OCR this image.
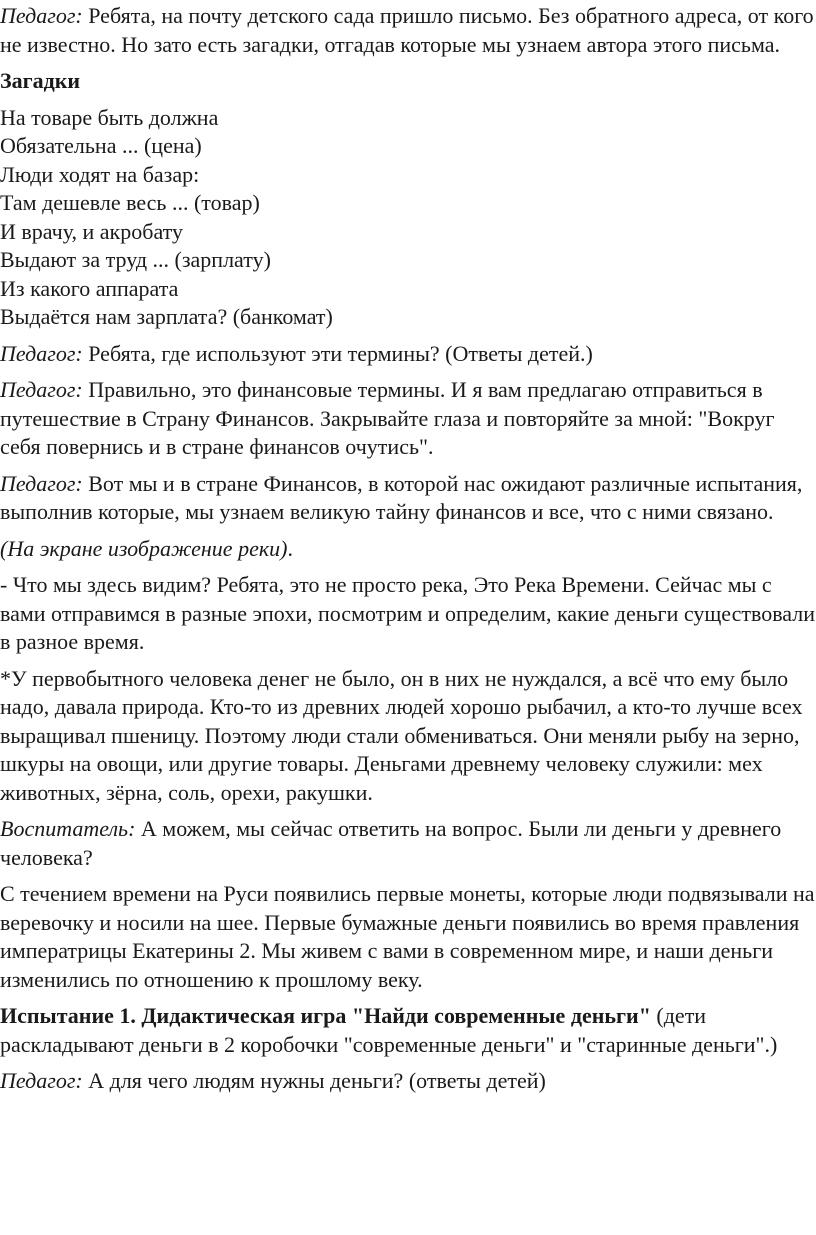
Педагог: Ребята, на почту детского сада пришло письмо. Без обратного адреса, от кого не известно. Но зато есть загадки, отгадав которые мы узнаем автора этого письма.

Загадки

На товаре быть должна
Обязательна ... (цена)
Люди ходят на базар:
Там дешевле весь ... (товар)
И врачу, и акробату
Выдают за труд ... (зарплату)
Из какого аппарата
Выдаётся нам зарплата? (банкомат)

Педагог: Ребята, где используют эти термины? (Ответы детей.)

Педагог: Правильно, это финансовые термины. И я вам предлагаю отправиться в путешествие в Страну Финансов. Закрывайте глаза и повторяйте за мной: "Вокруг себя повернись и в стране финансов очутись".

Педагог: Вот мы и в стране Финансов, в которой нас ожидают различные испытания, выполнив которые, мы узнаем великую тайну финансов и все, что с ними связано.

(На экране изображение реки).

- Что мы здесь видим? Ребята, это не просто река, Это Река Времени. Сейчас мы с вами отправимся в разные эпохи, посмотрим и определим, какие деньги существовали в разное время.

*У первобытного человека денег не было, он в них не нуждался, а всё что ему было надо, давала природа. Кто-то из древних людей хорошо рыбачил, а кто-то лучше всех выращивал пшеницу. Поэтому люди стали обмениваться. Они меняли рыбу на зерно, шкуры на овощи, или другие товары. Деньгами древнему человеку служили: мех животных, зёрна, соль, орехи, ракушки.

Воспитатель: А можем, мы сейчас ответить на вопрос. Были ли деньги у древнего человека?

С течением времени на Руси появились первые монеты, которые люди подвязывали на веревочку и носили на шее. Первые бумажные деньги появились во время правления императрицы Екатерины 2. Мы живем с вами в современном мире, и наши деньги изменились по отношению к прошлому веку.

Испытание 1. Дидактическая игра "Найди современные деньги" (дети раскладывают деньги в 2 коробочки "современные деньги" и "старинные деньги".)

Педагог: А для чего людям нужны деньги? (ответы детей)
